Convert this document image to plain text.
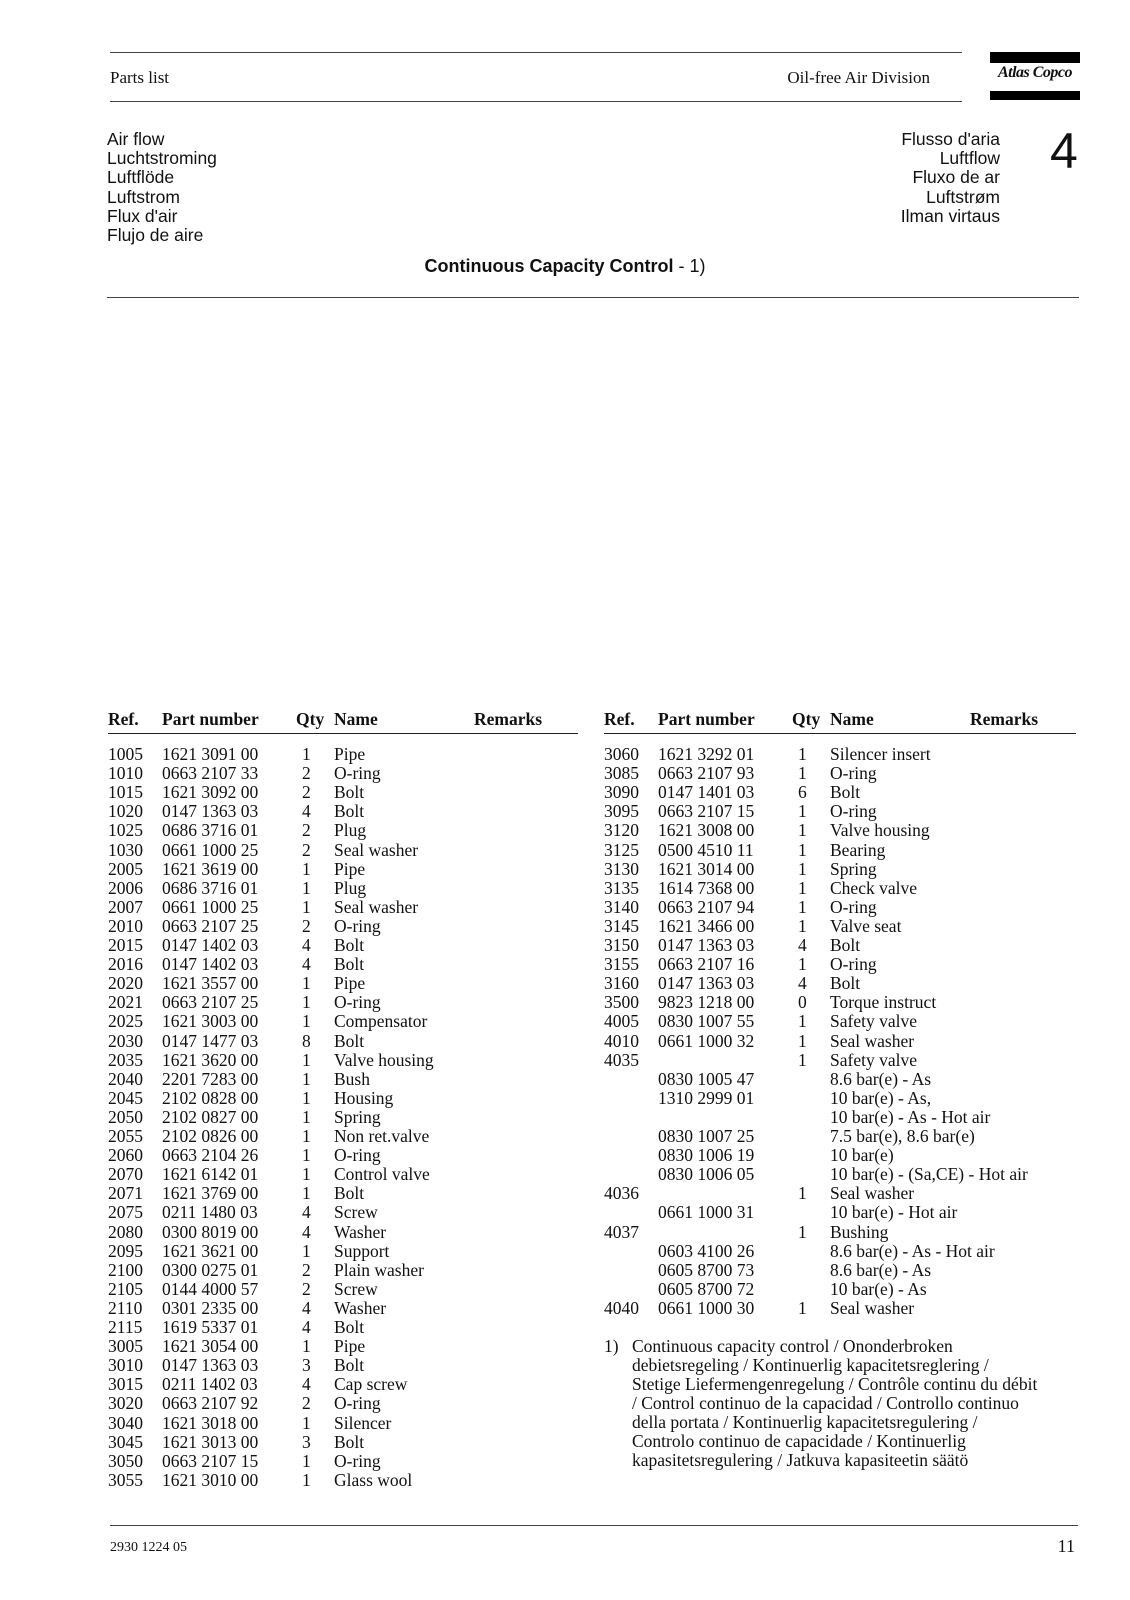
Parts list	Oil-free Air Division	Atlas Copco
Air flow
Luchtstroming
Luftflöde
Luftstrom
Flux d'air
Flujo de aire
Flusso d'aria
Luftflow
Fluxo de ar
Luftstrøm
Ilman virtaus
4
Continuous Capacity Control - 1)
Ref. Part number Qty Name	Remarks
1005 1621 3091 00	1 Pipe
1010 0663 2107 33	2 O-ring
1015 1621 3092 00	2 Bolt
1020 0147 1363 03	4 Bolt
1025 0686 3716 01	2 Plug
1030 0661 1000 25	2 Seal washer
2005 1621 3619 00	1 Pipe
2006 0686 3716 01	1 Plug
2007 0661 1000 25	1 Seal washer
2010 0663 2107 25	2 O-ring
2015 0147 1402 03	4 Bolt
2016 0147 1402 03	4 Bolt
2020 1621 3557 00	1 Pipe
2021 0663 2107 25	1 O-ring
2025 1621 3003 00	1 Compensator
2030 0147 1477 03	8 Bolt
2035 1621 3620 00	1 Valve housing
2040 2201 7283 00	1 Bush
2045 2102 0828 00	1 Housing
2050 2102 0827 00	1 Spring
2055 2102 0826 00	1 Non ret.valve
2060 0663 2104 26	1 O-ring
2070 1621 6142 01	1 Control valve
2071 1621 3769 00	1 Bolt
2075 0211 1480 03	4 Screw
2080 0300 8019 00	4 Washer
2095 1621 3621 00	1 Support
2100 0300 0275 01	2 Plain washer
2105 0144 4000 57	2 Screw
2110 0301 2335 00	4 Washer
2115 1619 5337 01	4 Bolt
3005 1621 3054 00	1 Pipe
3010 0147 1363 03	3 Bolt
3015 0211 1402 03	4 Cap screw
3020 0663 2107 92	2 O-ring
3040 1621 3018 00	1 Silencer
3045 1621 3013 00	3 Bolt
3050 0663 2107 15	1 O-ring
3055 1621 3010 00	1 Glass wool
Ref. Part number Qty Name	Remarks
3060 1621 3292 01	1 Silencer insert
3085 0663 2107 93	1 O-ring
3090 0147 1401 03	6 Bolt
3095 0663 2107 15	1 O-ring
3120 1621 3008 00	1 Valve housing
3125 0500 4510 11	1 Bearing
3130 1621 3014 00	1 Spring
3135 1614 7368 00	1 Check valve
3140 0663 2107 94	1 O-ring
3145 1621 3466 00	1 Valve seat
3150 0147 1363 03	4 Bolt
3155 0663 2107 16	1 O-ring
3160 0147 1363 03	4 Bolt
3500 9823 1218 00	0 Torque instruct
4005 0830 1007 55	1 Safety valve
4010 0661 1000 32	1 Seal washer
4035	1 Safety valve
0830 1005 47	8.6 bar(e) - As
1310 2999 01	10 bar(e) - As,
10 bar(e) - As - Hot air
0830 1007 25	7.5 bar(e), 8.6 bar(e)
0830 1006 19	10 bar(e)
0830 1006 05	10 bar(e) - (Sa,CE) - Hot air
4036	1 Seal washer
0661 1000 31	10 bar(e) - Hot air
4037	1 Bushing
0603 4100 26	8.6 bar(e) - As - Hot air
0605 8700 73	8.6 bar(e) - As
0605 8700 72	10 bar(e) - As
4040 0661 1000 30	1 Seal washer
1) Continuous capacity control / Ononderbroken
debietsregeling / Kontinuerlig kapacitetsreglering /
Stetige Liefermengenregelung / Contrôle continu du débit
/ Control continuo de la capacidad / Controllo continuo
della portata / Kontinuerlig kapacitetsregulering /
Controlo continuo de capacidade / Kontinuerlig
kapasitetsregulering / Jatkuva kapasiteetin säätö
2930 1224 05	11
